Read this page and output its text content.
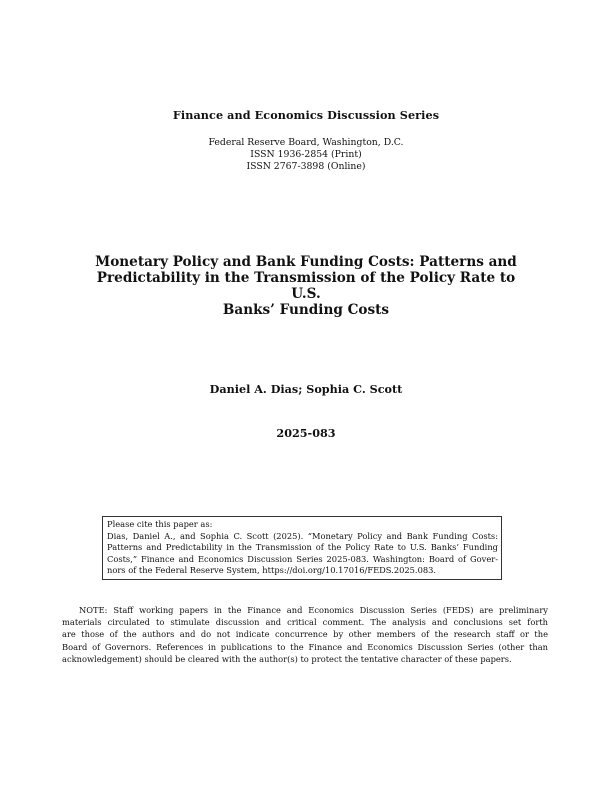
Finance and Economics Discussion Series
Federal Reserve Board, Washington, D.C.
ISSN 1936-2854 (Print)
ISSN 2767-3898 (Online)
Monetary Policy and Bank Funding Costs: Patterns and
Predictability in the Transmission of the Policy Rate to U.S.
Banks’ Funding Costs
Daniel A. Dias; Sophia C. Scott
2025-083
Please cite this paper as:
Dias, Daniel A., and Sophia C. Scott (2025). “Monetary Policy and Bank Funding Costs:
Patterns and Predictability in the Transmission of the Policy Rate to U.S. Banks’ Funding
Costs,” Finance and Economics Discussion Series 2025-083. Washington: Board of Gover-
nors of the Federal Reserve System, https://doi.org/10.17016/FEDS.2025.083.
NOTE: Staff working papers in the Finance and Economics Discussion Series (FEDS) are preliminary
materials circulated to stimulate discussion and critical comment. The analysis and conclusions set forth
are those of the authors and do not indicate concurrence by other members of the research staff or the
Board of Governors. References in publications to the Finance and Economics Discussion Series (other than
acknowledgement) should be cleared with the author(s) to protect the tentative character of these papers.
